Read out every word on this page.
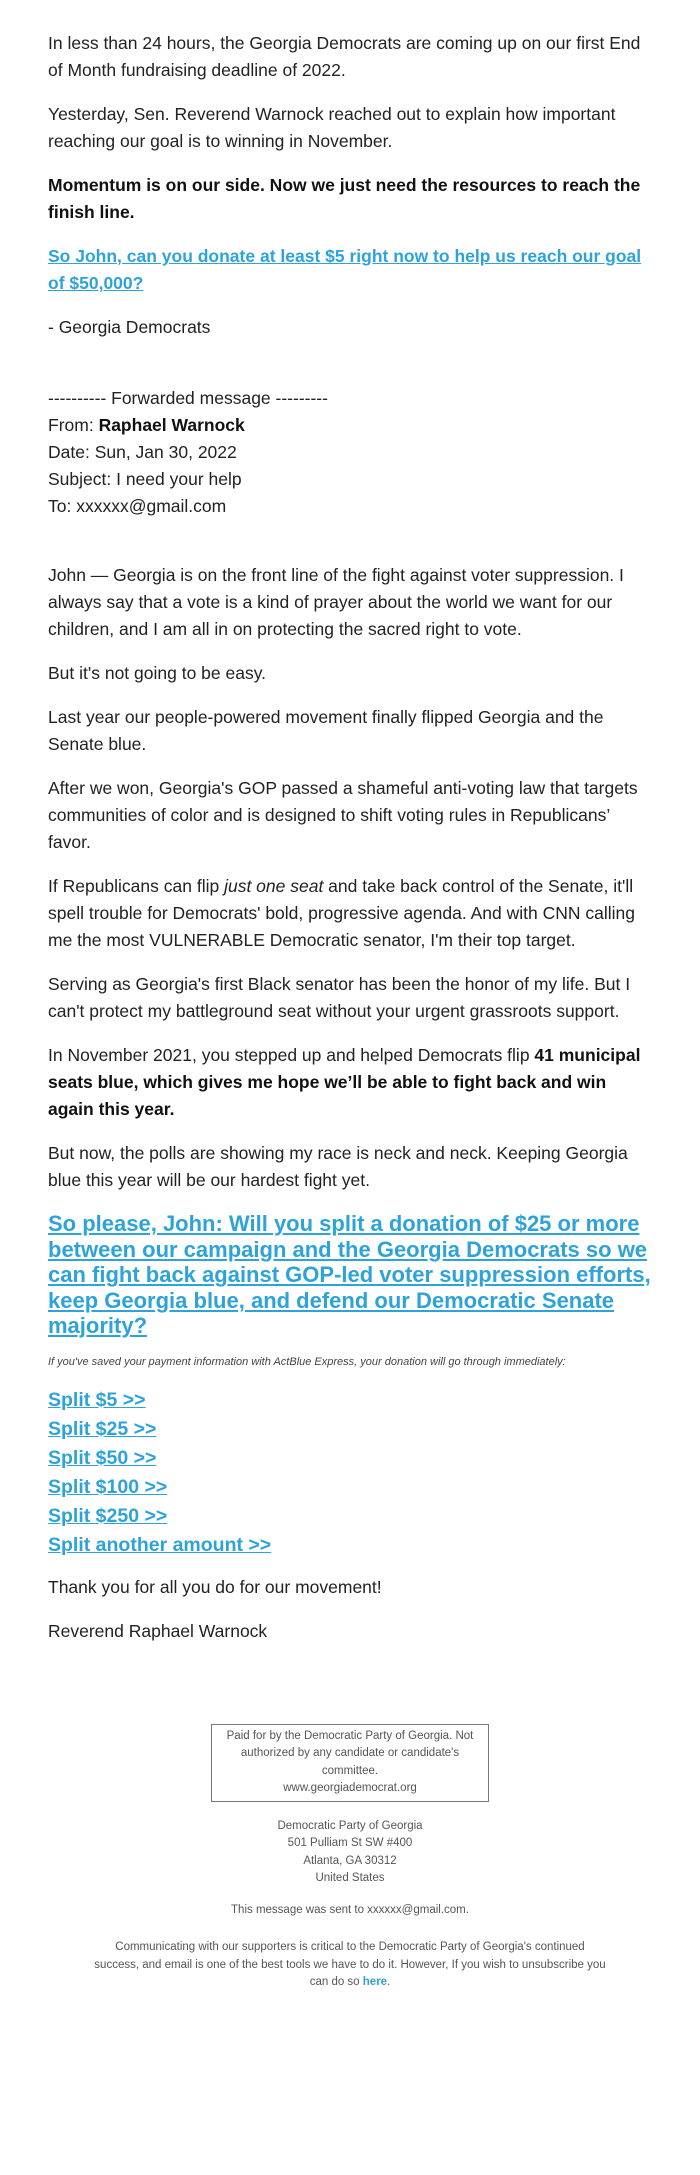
In less than 24 hours, the Georgia Democrats are coming up on our first End of Month fundraising deadline of 2022.

Yesterday, Sen. Reverend Warnock reached out to explain how important reaching our goal is to winning in November.

Momentum is on our side. Now we just need the resources to reach the finish line.

So John, can you donate at least $5 right now to help us reach our goal of $50,000?

- Georgia Democrats

---------- Forwarded message ---------
From: Raphael Warnock
Date: Sun, Jan 30, 2022
Subject: I need your help
To: xxxxxx@gmail.com

John — Georgia is on the front line of the fight against voter suppression. I always say that a vote is a kind of prayer about the world we want for our children, and I am all in on protecting the sacred right to vote.

But it's not going to be easy.

Last year our people-powered movement finally flipped Georgia and the Senate blue.

After we won, Georgia's GOP passed a shameful anti-voting law that targets communities of color and is designed to shift voting rules in Republicans’ favor.

If Republicans can flip just one seat and take back control of the Senate, it'll spell trouble for Democrats' bold, progressive agenda. And with CNN calling me the most VULNERABLE Democratic senator, I'm their top target.

Serving as Georgia's first Black senator has been the honor of my life. But I can't protect my battleground seat without your urgent grassroots support.

In November 2021, you stepped up and helped Democrats flip 41 municipal seats blue, which gives me hope we’ll be able to fight back and win again this year.

But now, the polls are showing my race is neck and neck. Keeping Georgia blue this year will be our hardest fight yet.

So please, John: Will you split a donation of $25 or more between our campaign and the Georgia Democrats so we can fight back against GOP-led voter suppression efforts, keep Georgia blue, and defend our Democratic Senate majority?

If you've saved your payment information with ActBlue Express, your donation will go through immediately:

Split $5 >>
Split $25 >>
Split $50 >>
Split $100 >>
Split $250 >>
Split another amount >>

Thank you for all you do for our movement!

Reverend Raphael Warnock

Paid for by the Democratic Party of Georgia. Not authorized by any candidate or candidate's committee.
www.georgiademocrat.org
Democratic Party of Georgia
501 Pulliam St SW #400
Atlanta, GA 30312
United States
This message was sent to xxxxxx@gmail.com.
Communicating with our supporters is critical to the Democratic Party of Georgia's continued success, and email is one of the best tools we have to do it. However, If you wish to unsubscribe you can do so here.
